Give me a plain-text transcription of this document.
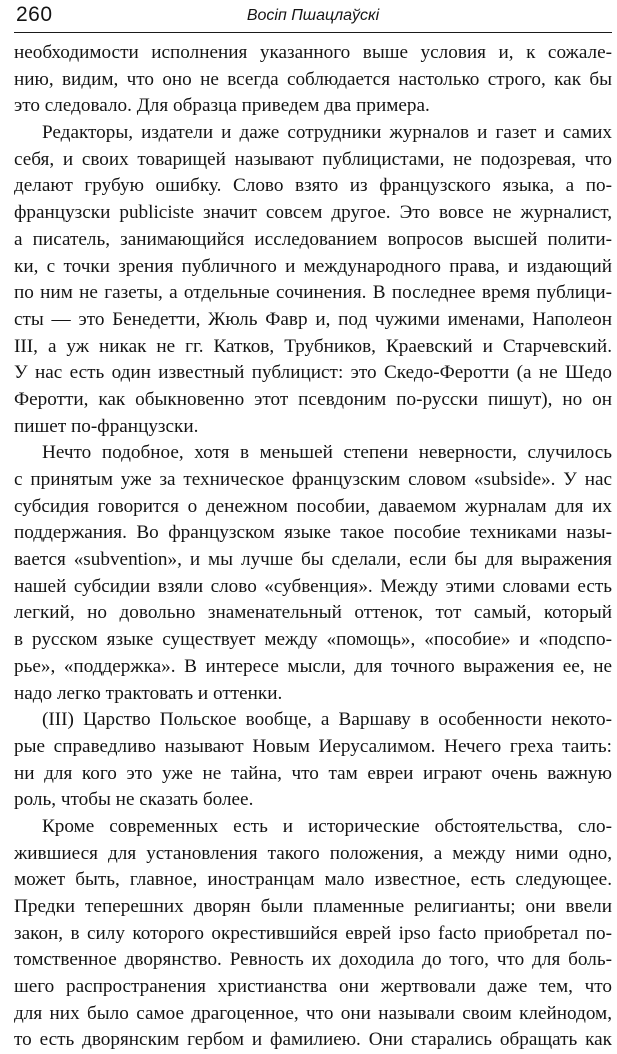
260	Восіп Пшацлаўскі
необходимости исполнения указанного выше условия и, к сожале-
нию, видим, что оно не всегда соблюдается настолько строго, как бы
это следовало. Для образца приведем два примера.
Редакторы, издатели и даже сотрудники журналов и газет и самих
себя, и своих товарищей называют публицистами, не подозревая, что
делают грубую ошибку. Слово взято из французского языка, а по-
французски publiciste значит совсем другое. Это вовсе не журналист,
а писатель, занимающийся исследованием вопросов высшей полити-
ки, с точки зрения публичного и международного права, и издающий
по ним не газеты, а отдельные сочинения. В последнее время публици-
сты — это Бенедетти, Жюль Фавр и, под чужими именами, Наполеон
III, а уж никак не гг. Катков, Трубников, Краевский и Старчевский.
У нас есть один известный публицист: это Скедо-Феротти (а не Шедо
Феротти, как обыкновенно этот псевдоним по-русски пишут), но он
пишет по-французски.
Нечто подобное, хотя в меньшей степени неверности, случилось
с принятым уже за техническое французским словом «subside». У нас
субсидия говорится о денежном пособии, даваемом журналам для их
поддержания. Во французском языке такое пособие техниками назы-
вается «subvention», и мы лучше бы сделали, если бы для выражения
нашей субсидии взяли слово «субвенция». Между этими словами есть
легкий, но довольно знаменательный оттенок, тот самый, который
в русском языке существует между «помощь», «пособие» и «подспо-
рье», «поддержка». В интересе мысли, для точного выражения ее, не
надо легко трактовать и оттенки.
(III) Царство Польское вообще, а Варшаву в особенности некото-
рые справедливо называют Новым Иерусалимом. Нечего греха таить:
ни для кого это уже не тайна, что там евреи играют очень важную
роль, чтобы не сказать более.
Кроме современных есть и исторические обстоятельства, сло-
жившиеся для установления такого положения, а между ними одно,
может быть, главное, иностранцам мало известное, есть следующее.
Предки теперешних дворян были пламенные религианты; они ввели
закон, в силу которого окрестившийся еврей ipso facto приобретал по-
томственное дворянство. Ревность их доходила до того, что для боль-
шего распространения христианства они жертвовали даже тем, что
для них было самое драгоценное, что они называли своим клейнодом,
то есть дворянским гербом и фамилиею. Они старались обращать как
